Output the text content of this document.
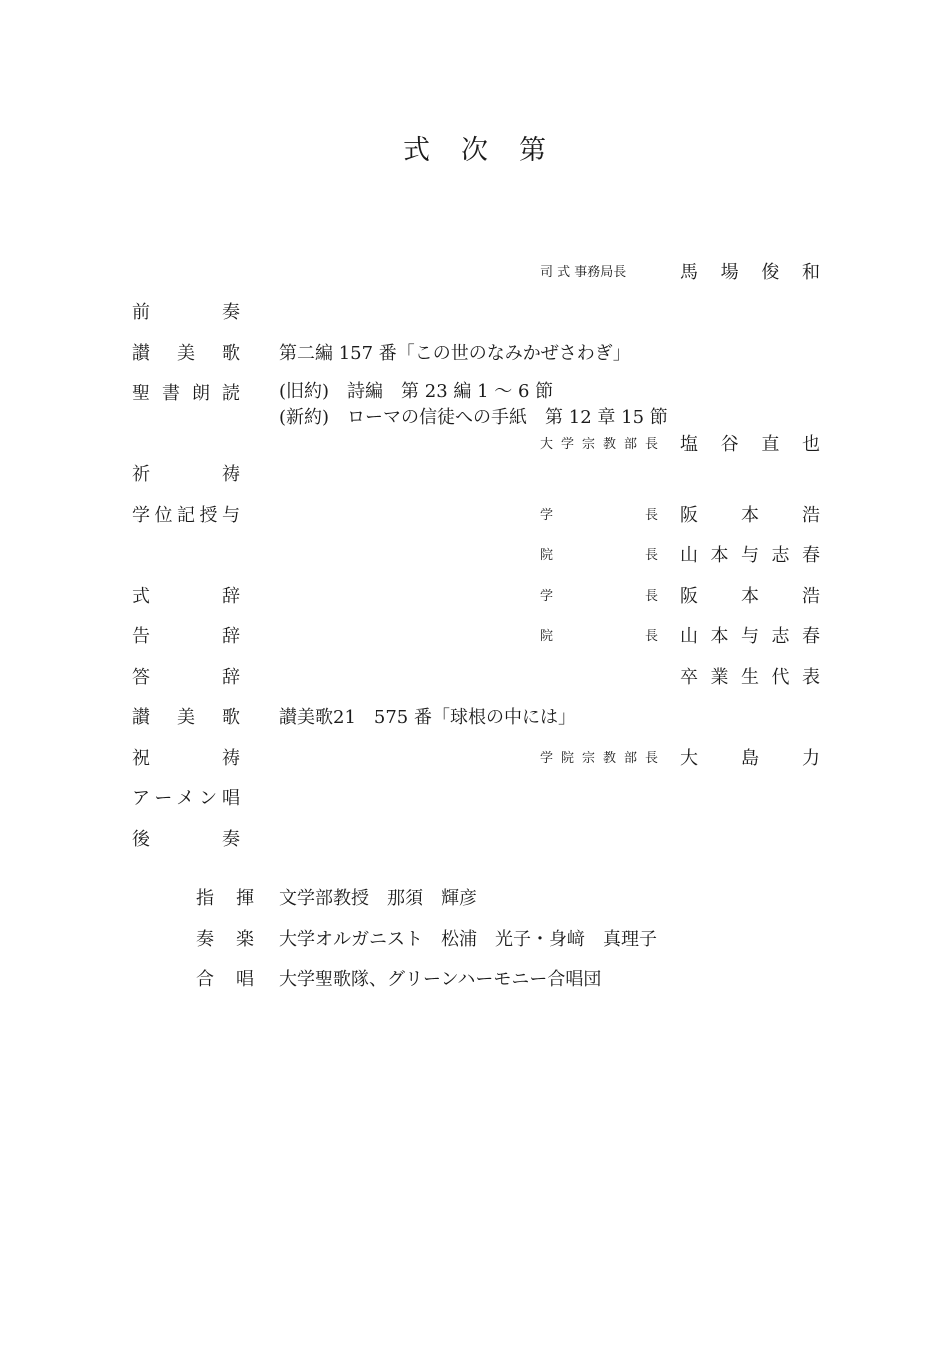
式　次　第
司 式 事務局長	馬場俊和
前奏
讃美歌 第二編 157 番「この世のなみかぜさわぎ」
聖書朗読 (旧約)　詩編　第 23 編 1 ～ 6 節
(新約)　ローマの信徒への手紙　第 12 章 15 節
大学宗教部長 塩谷直也
祈祷
学位記授与	学長 阪本浩
院長 山本与志春
式辞	学長 阪本浩
告辞	院長 山本与志春
答辞	卒業生代表
讃美歌 讃美歌21　575 番「球根の中には」
祝祷	学院宗教部長 大島力
アーメン唱
後奏
指揮 文学部教授　那須　輝彦
奏楽 大学オルガニスト　松浦　光子・身﨑　真理子
合唱 大学聖歌隊、グリーンハーモニー合唱団
